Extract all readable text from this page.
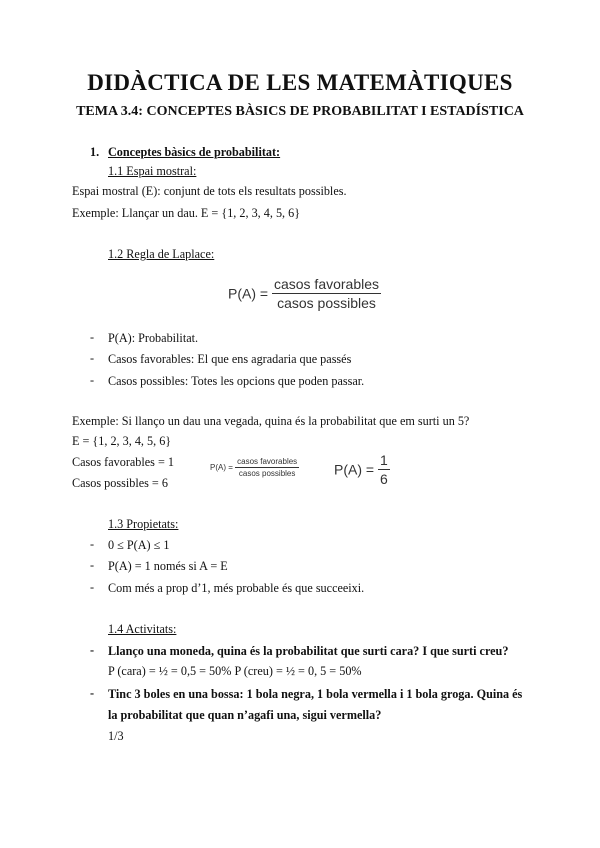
DIDÀCTICA DE LES MATEMÀTIQUES
TEMA 3.4: CONCEPTES BÀSICS DE PROBABILITAT I ESTADÍSTICA
1. Conceptes bàsics de probabilitat:
1.1 Espai mostral:
Espai mostral (E): conjunt de tots els resultats possibles.
Exemple: Llançar un dau. E = {1, 2, 3, 4, 5, 6}
1.2 Regla de Laplace:
$P(A) = \frac{\text{casos favorables}}{\text{casos possibles}}$
- P(A): Probabilitat.
- Casos favorables: El que ens agradaria que passés
- Casos possibles: Totes les opcions que poden passar.
Exemple: Si llanço un dau una vegada, quina és la probabilitat que em surti un 5?
E = {1, 2, 3, 4, 5, 6}
Casos favorables = 1
Casos possibles = 6
$P(A) = \frac{\text{casos favorables}}{\text{casos possibles}} P(A) = \frac{1}{6}$
1.3 Propietats:
- 0 ≤ P(A) ≤ 1
- P(A) = 1 només si A = E
- Com més a prop d’1, més probable és que succeeixi.
1.4 Activitats:
- Llanço una moneda, quina és la probabilitat que surti cara? I que surti creu?
P (cara) = ½ = 0,5 = 50% P (creu) = ½ = 0, 5 = 50%
- Tinc 3 boles en una bossa: 1 bola negra, 1 bola vermella i 1 bola groga. Quina és
la probabilitat que quan n’agafi una, sigui vermella?
1/3
